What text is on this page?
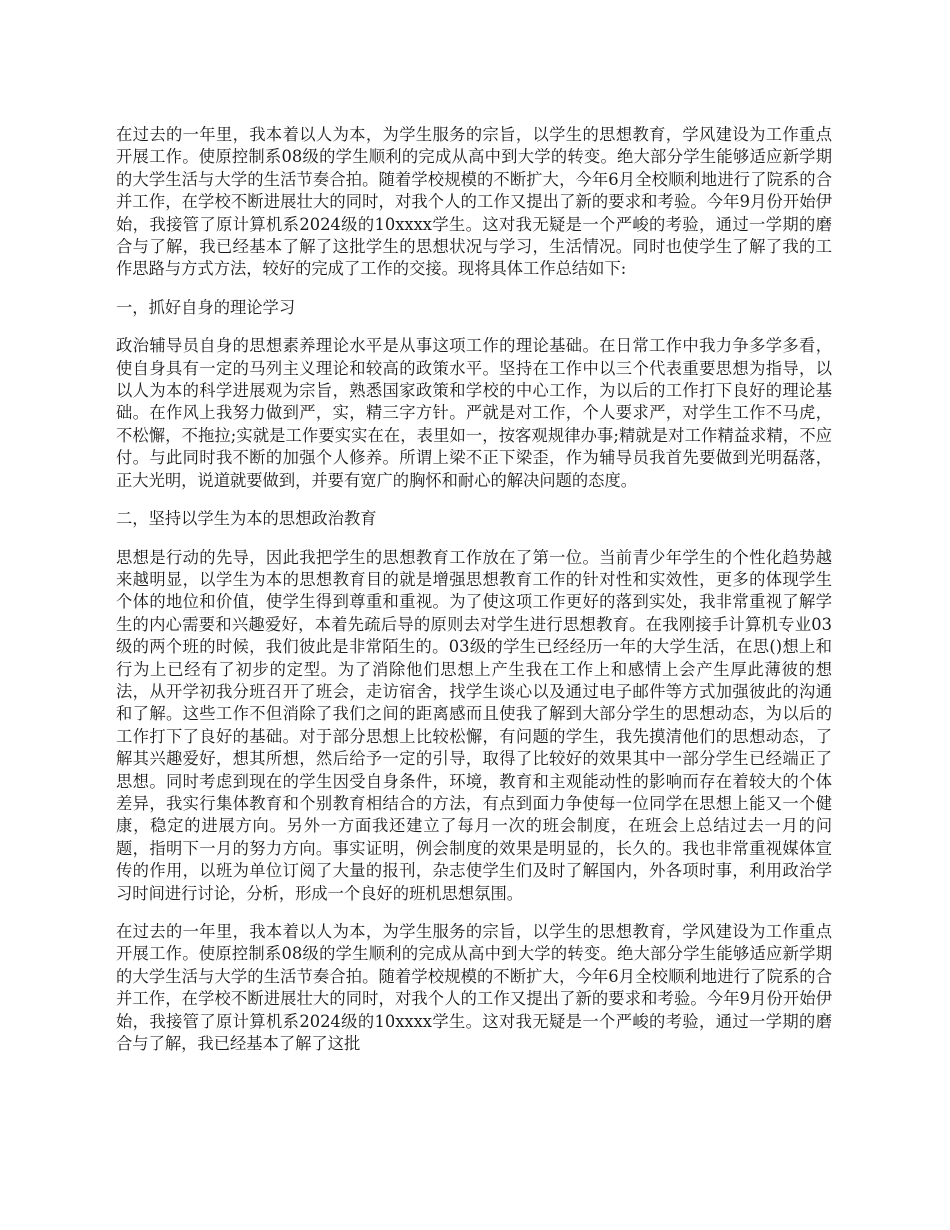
在过去的一年里，我本着以人为本，为学生服务的宗旨，以学生的思想教育，学风建设为工作重点开展工作。使原控制系08级的学生顺利的完成从高中到大学的转变。绝大部分学生能够适应新学期的大学生活与大学的生活节奏合拍。随着学校规模的不断扩大，今年6月全校顺利地进行了院系的合并工作，在学校不断进展壮大的同时，对我个人的工作又提出了新的要求和考验。今年9月份开始伊始，我接管了原计算机系2024级的10xxxx学生。这对我无疑是一个严峻的考验，通过一学期的磨合与了解，我已经基本了解了这批学生的思想状况与学习，生活情况。同时也使学生了解了我的工作思路与方式方法，较好的完成了工作的交接。现将具体工作总结如下:

一，抓好自身的理论学习

政治辅导员自身的思想素养理论水平是从事这项工作的理论基础。在日常工作中我力争多学多看，使自身具有一定的马列主义理论和较高的政策水平。坚持在工作中以三个代表重要思想为指导，以以人为本的科学进展观为宗旨，熟悉国家政策和学校的中心工作，为以后的工作打下良好的理论基础。在作风上我努力做到严，实，精三字方针。严就是对工作，个人要求严，对学生工作不马虎，不松懈，不拖拉;实就是工作要实实在在，表里如一，按客观规律办事;精就是对工作精益求精，不应付。与此同时我不断的加强个人修养。所谓上梁不正下梁歪，作为辅导员我首先要做到光明磊落，正大光明，说道就要做到，并要有宽广的胸怀和耐心的解决问题的态度。

二，坚持以学生为本的思想政治教育

思想是行动的先导，因此我把学生的思想教育工作放在了第一位。当前青少年学生的个性化趋势越来越明显，以学生为本的思想教育目的就是增强思想教育工作的针对性和实效性，更多的体现学生个体的地位和价值，使学生得到尊重和重视。为了使这项工作更好的落到实处，我非常重视了解学生的内心需要和兴趣爱好，本着先疏后导的原则去对学生进行思想教育。在我刚接手计算机专业03级的两个班的时候，我们彼此是非常陌生的。03级的学生已经经历一年的大学生活，在思()想上和行为上已经有了初步的定型。为了消除他们思想上产生我在工作上和感情上会产生厚此薄彼的想法，从开学初我分班召开了班会，走访宿舍，找学生谈心以及通过电子邮件等方式加强彼此的沟通和了解。这些工作不但消除了我们之间的距离感而且使我了解到大部分学生的思想动态，为以后的工作打下了良好的基础。对于部分思想上比较松懈，有问题的学生，我先摸清他们的思想动态，了解其兴趣爱好，想其所想，然后给予一定的引导，取得了比较好的效果其中一部分学生已经端正了思想。同时考虑到现在的学生因受自身条件，环境，教育和主观能动性的影响而存在着较大的个体差异，我实行集体教育和个别教育相结合的方法，有点到面力争使每一位同学在思想上能又一个健康，稳定的进展方向。另外一方面我还建立了每月一次的班会制度，在班会上总结过去一月的问题，指明下一月的努力方向。事实证明，例会制度的效果是明显的，长久的。我也非常重视媒体宣传的作用，以班为单位订阅了大量的报刊，杂志使学生们及时了解国内，外各项时事，利用政治学习时间进行讨论，分析，形成一个良好的班机思想氛围。

在过去的一年里，我本着以人为本，为学生服务的宗旨，以学生的思想教育，学风建设为工作重点开展工作。使原控制系08级的学生顺利的完成从高中到大学的转变。绝大部分学生能够适应新学期的大学生活与大学的生活节奏合拍。随着学校规模的不断扩大，今年6月全校顺利地进行了院系的合并工作，在学校不断进展壮大的同时，对我个人的工作又提出了新的要求和考验。今年9月份开始伊始，我接管了原计算机系2024级的10xxxx学生。这对我无疑是一个严峻的考验，通过一学期的磨合与了解，我已经基本了解了这批
